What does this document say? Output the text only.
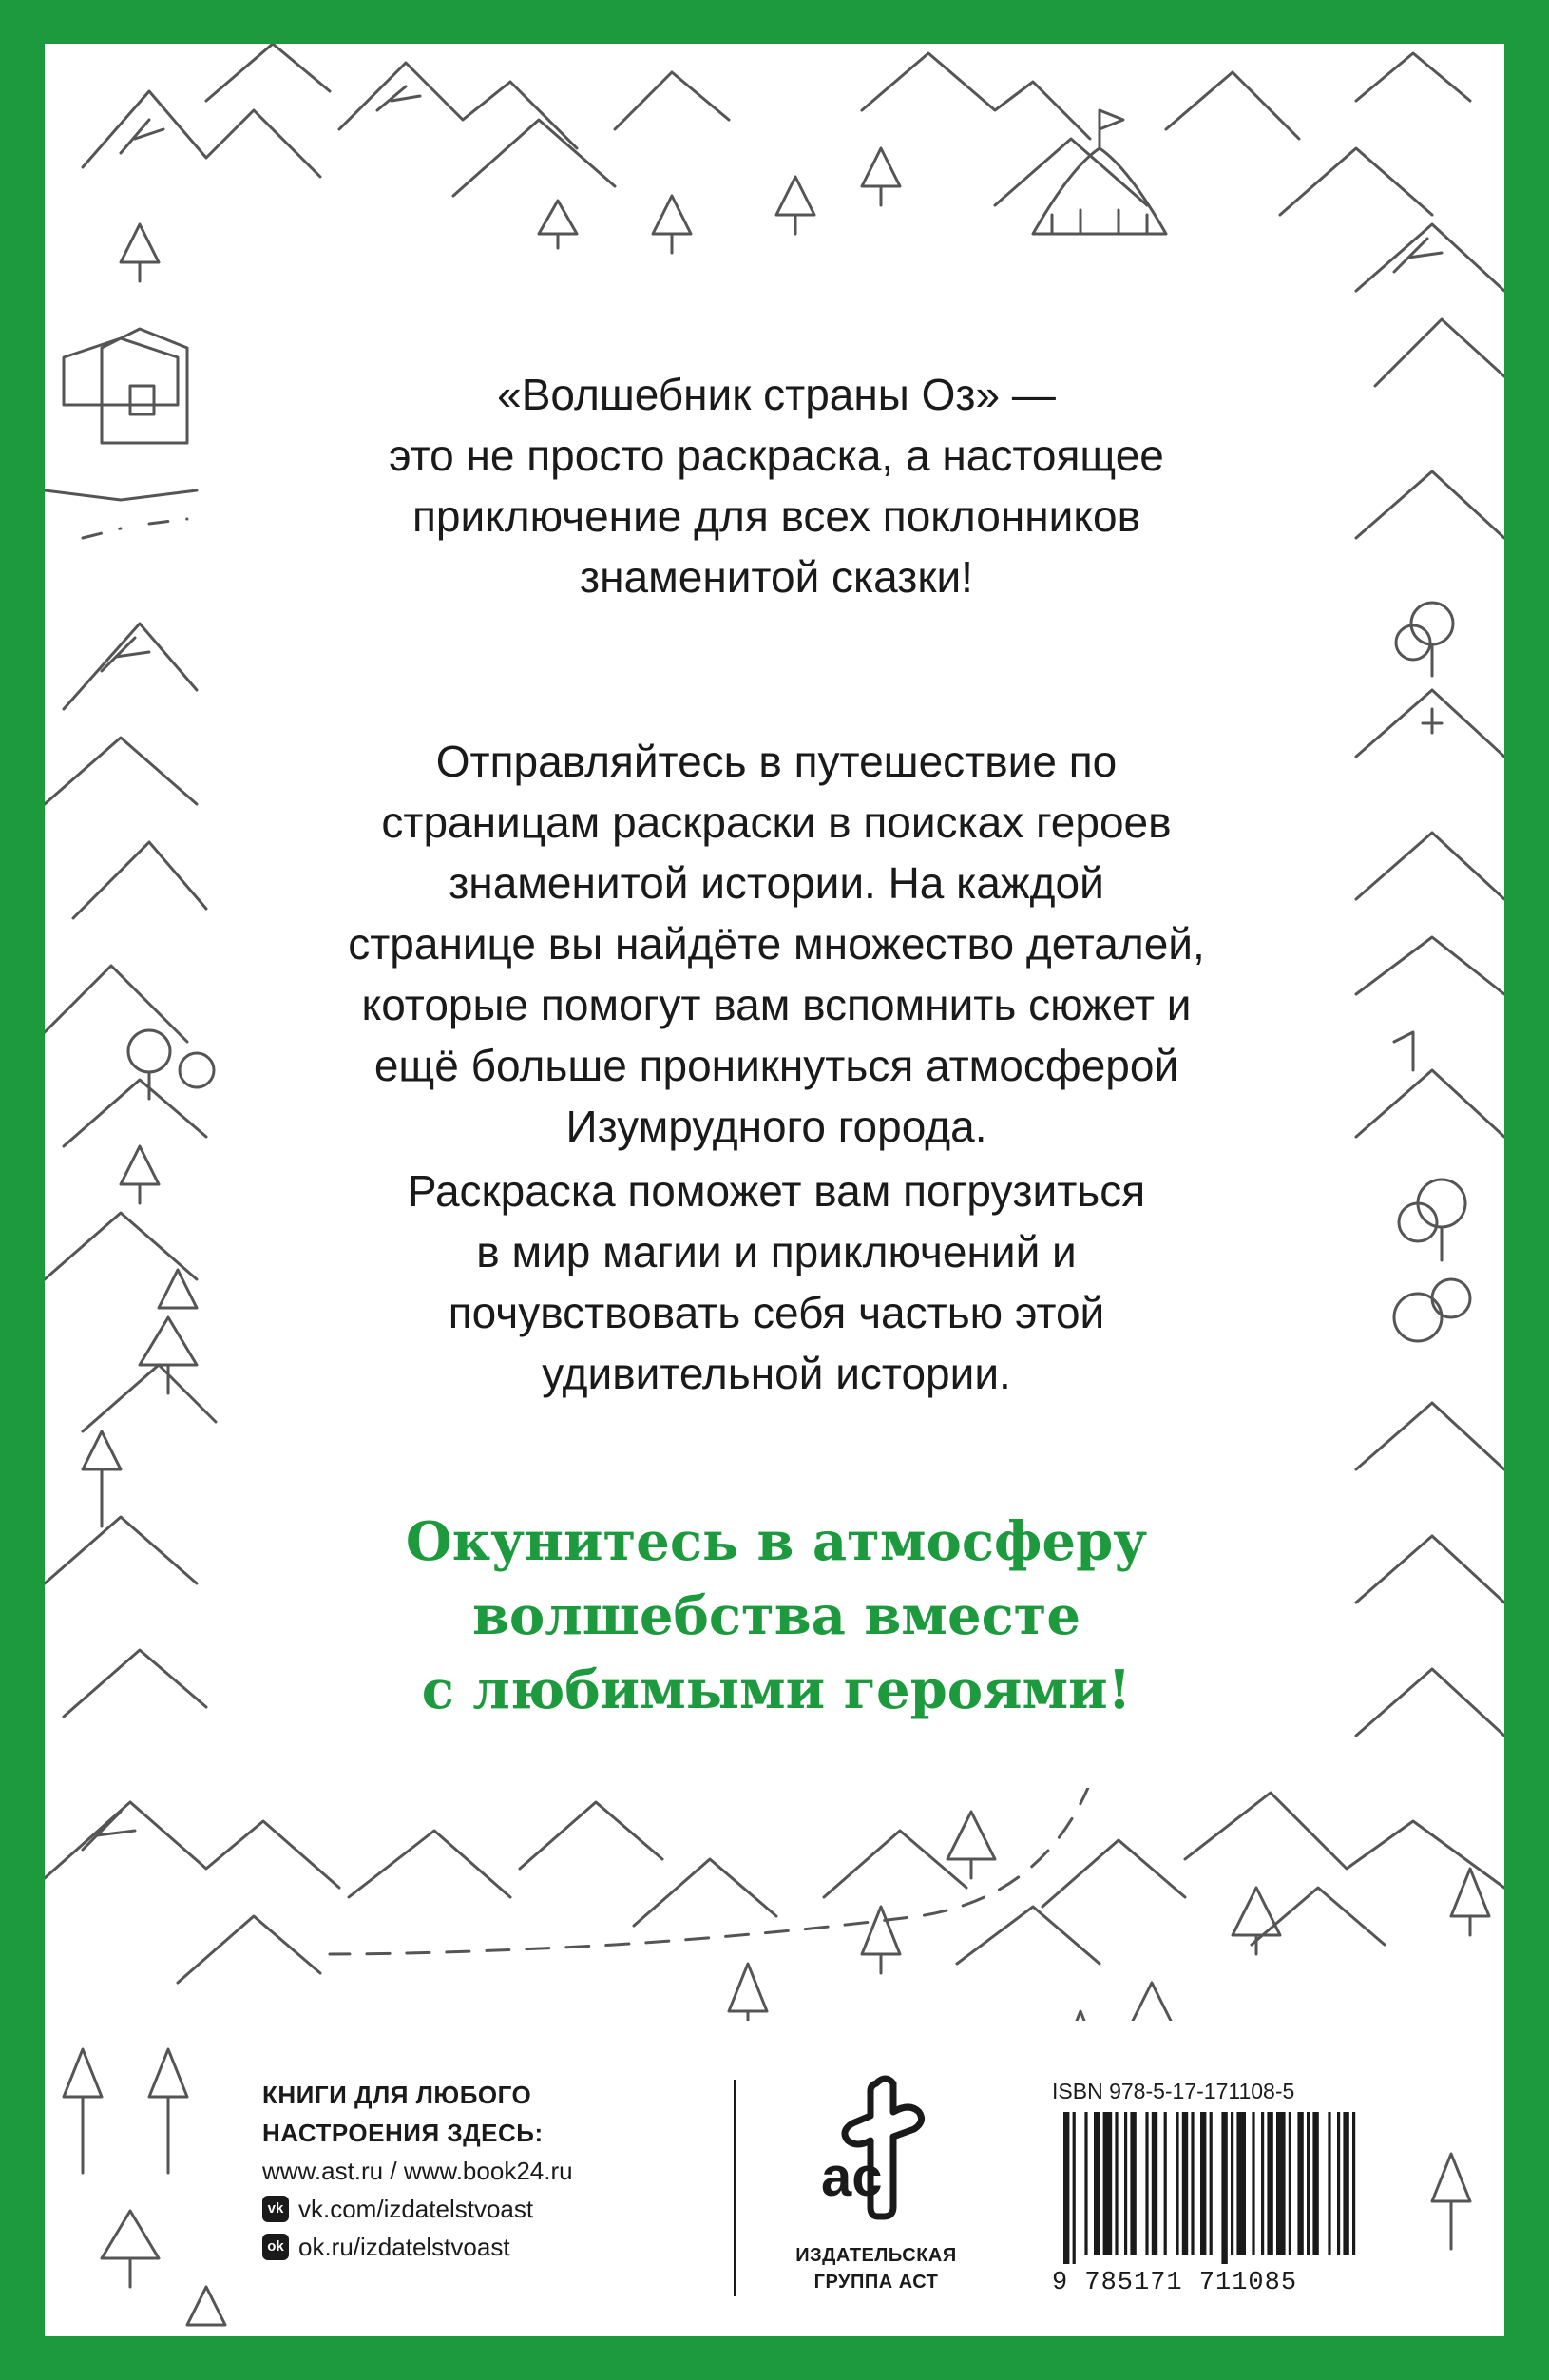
«Волшебник страны Оз» —
это не просто раскраска, а настоящее
приключение для всех поклонников
знаменитой сказки!
Отправляйтесь в путешествие по
страницам раскраски в поисках героев
знаменитой истории. На каждой
странице вы найдёте множество деталей,
которые помогут вам вспомнить сюжет и
ещё больше проникнуться атмосферой
Изумрудного города.
Раскраска поможет вам погрузиться
в мир магии и приключений и
почувствовать себя частью этой
удивительной истории.
Окунитесь в атмосферу
волшебства вместе
с любимыми героями!
КНИГИ ДЛЯ ЛЮБОГО
НАСТРОЕНИЯ ЗДЕСЬ:
www.ast.ru / www.book24.ru
vk vk.com/izdatelstvoast
ok ok.ru/izdatelstvoast
ac
ИЗДАТЕЛЬСКАЯ
ГРУППА АСТ
ISBN 978-5-17-171108-5
9 785171 711085
